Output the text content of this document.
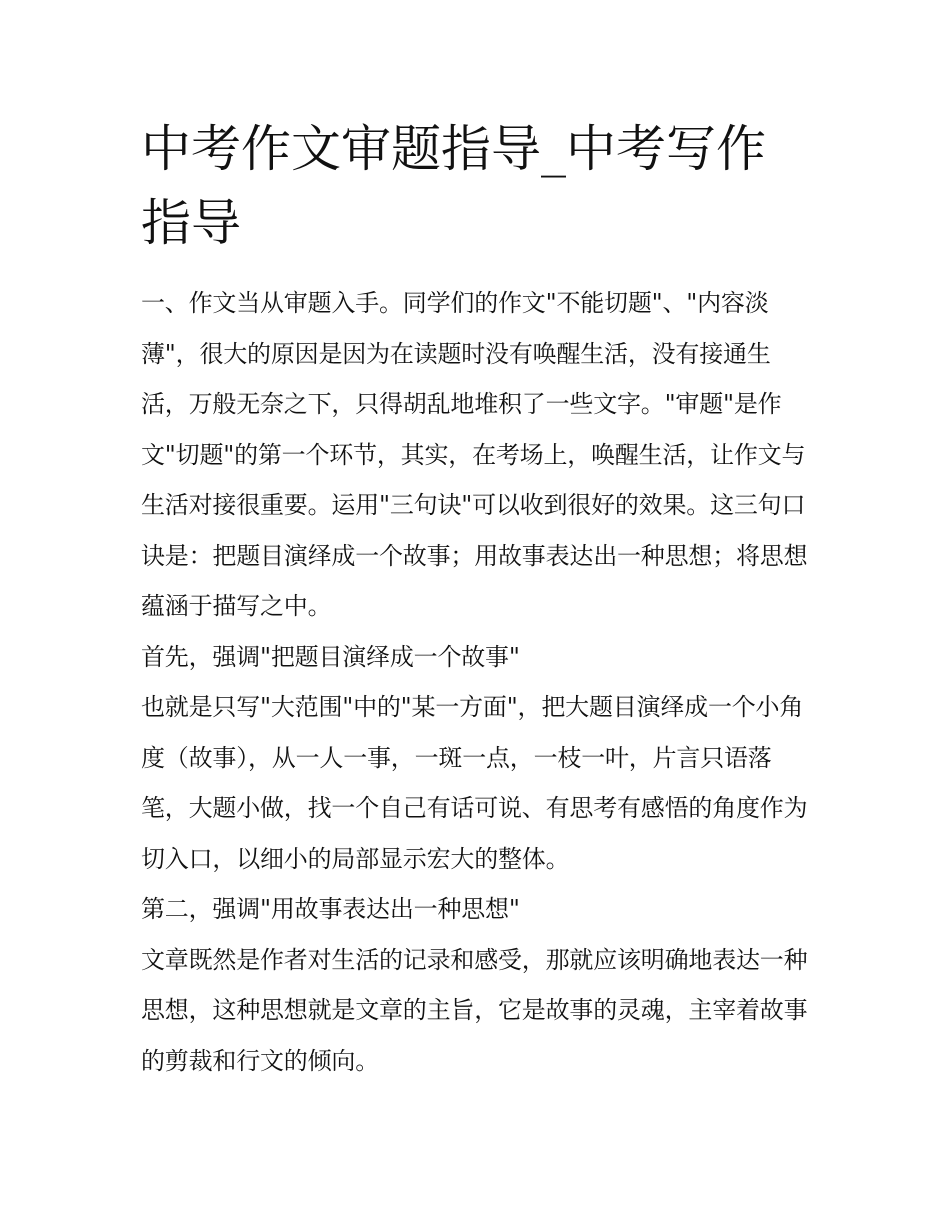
中考作文审题指导_中考写作指导

一、作文当从审题入手。同学们的作文"不能切题"、"内容淡薄"，很大的原因是因为在读题时没有唤醒生活，没有接通生活，万般无奈之下，只得胡乱地堆积了一些文字。"审题"是作文"切题"的第一个环节，其实，在考场上，唤醒生活，让作文与生活对接很重要。运用"三句诀"可以收到很好的效果。这三句口诀是：把题目演绎成一个故事；用故事表达出一种思想；将思想蕴涵于描写之中。

首先，强调"把题目演绎成一个故事"

也就是只写"大范围"中的"某一方面"，把大题目演绎成一个小角度（故事），从一人一事，一斑一点，一枝一叶，片言只语落笔，大题小做，找一个自己有话可说、有思考有感悟的角度作为切入口，以细小的局部显示宏大的整体。

第二，强调"用故事表达出一种思想"

文章既然是作者对生活的记录和感受，那就应该明确地表达一种思想，这种思想就是文章的主旨，它是故事的灵魂，主宰着故事的剪裁和行文的倾向。
